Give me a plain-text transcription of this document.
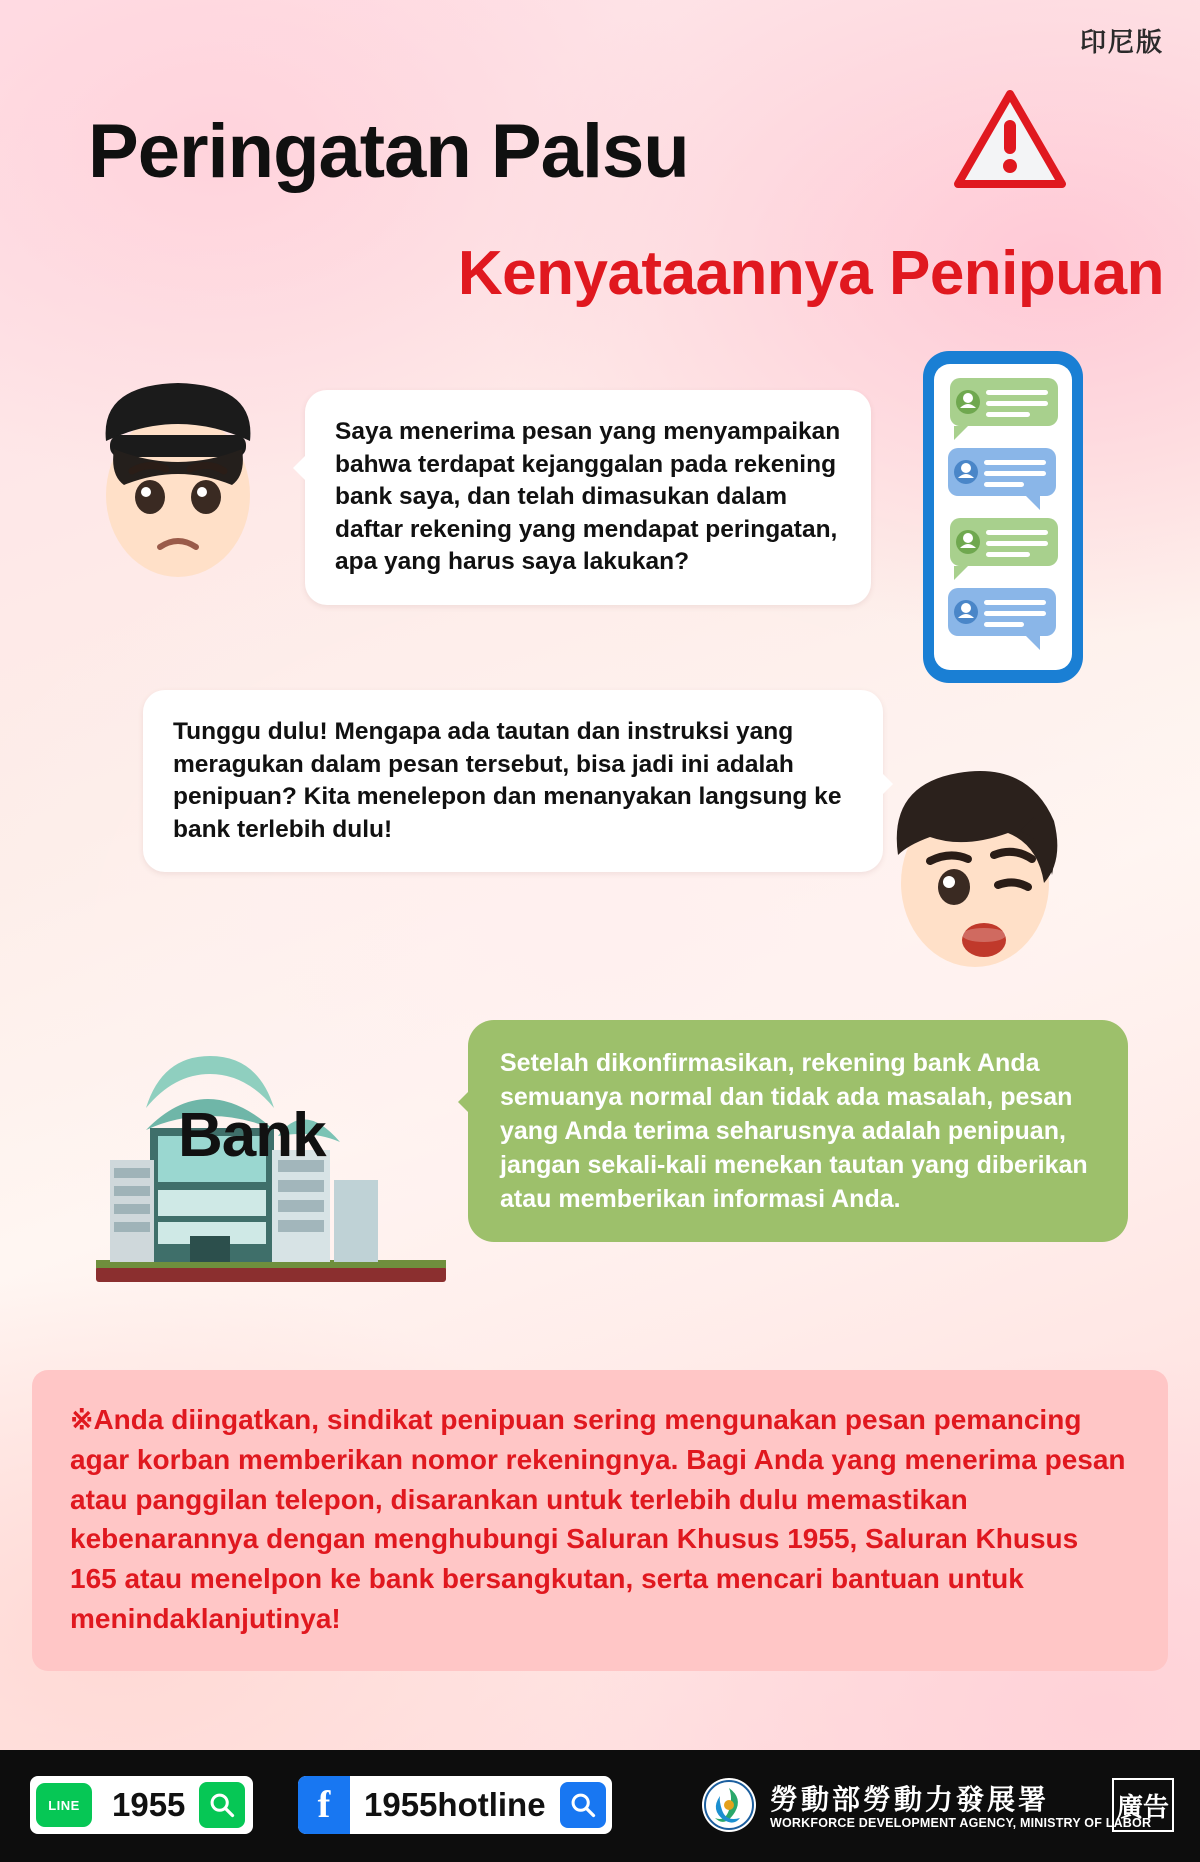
印尼版
Peringatan Palsu
Kenyataannya Penipuan
Saya menerima pesan yang menyampaikan bahwa terdapat kejanggalan pada rekening bank saya, dan telah dimasukan dalam daftar rekening yang mendapat peringatan, apa yang harus saya lakukan?
Tunggu dulu! Mengapa ada tautan dan instruksi yang meragukan dalam pesan tersebut, bisa jadi ini adalah penipuan? Kita menelepon dan menanyakan langsung ke bank terlebih dulu!
Bank
Setelah dikonfirmasikan, rekening bank Anda semuanya normal dan tidak ada masalah, pesan yang Anda terima seharusnya adalah penipuan, jangan sekali-kali menekan tautan yang diberikan atau memberikan informasi Anda.
※Anda diingatkan, sindikat penipuan sering mengunakan pesan pemancing agar korban memberikan nomor rekeningnya. Bagi Anda yang menerima pesan atau panggilan telepon, disarankan untuk terlebih dulu memastikan kebenarannya dengan menghubungi Saluran Khusus 1955, Saluran Khusus 165 atau menelpon ke bank bersangkutan, serta mencari bantuan untuk menindaklanjutinya!
LINE 1955	f	1955hotline	勞動部勞動力發展署
WORKFORCE DEVELOPMENT AGENCY, MINISTRY OF LABOR
廣告
